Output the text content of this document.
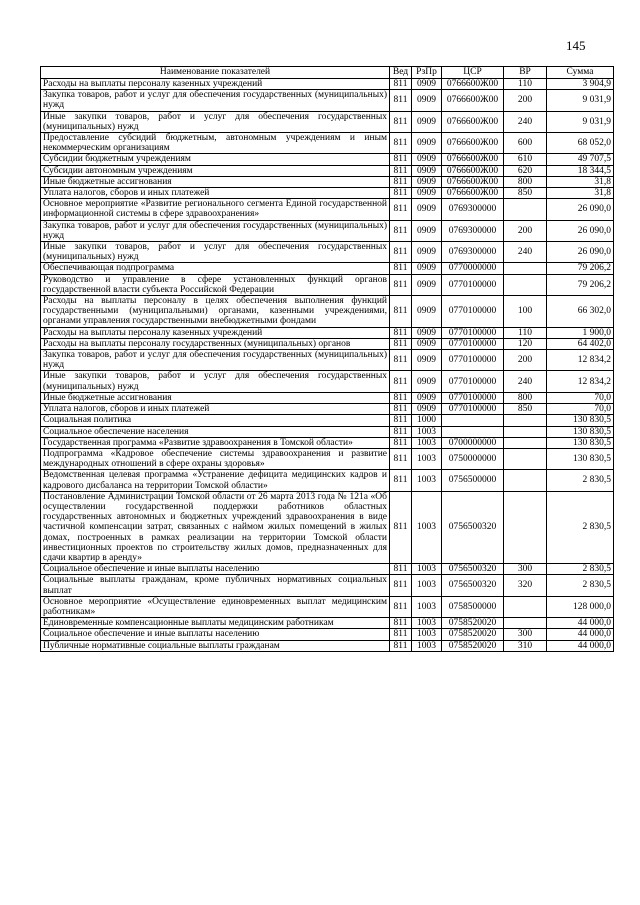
145
Наименование показателей	Вед	РзПр	ЦСР	ВР	Сумма
Расходы на выплаты персоналу казенных учреждений	811	0909	0766600Ж00	110	3 904,9
Закупка товаров, работ и услуг для обеспечения государственных (муниципальных) нужд	811	0909	0766600Ж00	200	9 031,9
Иные закупки товаров, работ и услуг для обеспечения государственных (муниципальных) нужд	811	0909	0766600Ж00	240	9 031,9
Предоставление субсидий бюджетным, автономным учреждениям и иным некоммерческим организациям	811	0909	0766600Ж00	600	68 052,0
Субсидии бюджетным учреждениям	811	0909	0766600Ж00	610	49 707,5
Субсидии автономным учреждениям	811	0909	0766600Ж00	620	18 344,5
Иные бюджетные ассигнования	811	0909	0766600Ж00	800	31,8
Уплата налогов, сборов и иных платежей	811	0909	0766600Ж00	850	31,8
Основное мероприятие «Развитие регионального сегмента Единой государственной информационной системы в сфере здравоохранения»	811	0909	0769300000		26 090,0
Закупка товаров, работ и услуг для обеспечения государственных (муниципальных) нужд	811	0909	0769300000	200	26 090,0
Иные закупки товаров, работ и услуг для обеспечения государственных (муниципальных) нужд	811	0909	0769300000	240	26 090,0
Обеспечивающая подпрограмма	811	0909	0770000000		79 206,2
Руководство и управление в сфере установленных функций органов государственной власти субъекта Российской Федерации	811	0909	0770100000		79 206,2
Расходы на выплаты персоналу в целях обеспечения выполнения функций государственными (муниципальными) органами, казенными учреждениями, органами управления государственными внебюджетными фондами	811	0909	0770100000	100	66 302,0
Расходы на выплаты персоналу казенных учреждений	811	0909	0770100000	110	1 900,0
Расходы на выплаты персоналу государственных (муниципальных) органов	811	0909	0770100000	120	64 402,0
Закупка товаров, работ и услуг для обеспечения государственных (муниципальных) нужд	811	0909	0770100000	200	12 834,2
Иные закупки товаров, работ и услуг для обеспечения государственных (муниципальных) нужд	811	0909	0770100000	240	12 834,2
Иные бюджетные ассигнования	811	0909	0770100000	800	70,0
Уплата налогов, сборов и иных платежей	811	0909	0770100000	850	70,0
Социальная политика	811	1000			130 830,5
Социальное обеспечение населения	811	1003			130 830,5
Государственная программа «Развитие здравоохранения в Томской области»	811	1003	0700000000		130 830,5
Подпрограмма «Кадровое обеспечение системы здравоохранения и развитие международных отношений в сфере охраны здоровья»	811	1003	0750000000		130 830,5
Ведомственная целевая программа «Устранение дефицита медицинских кадров и кадрового дисбаланса на территории Томской области»	811	1003	0756500000		2 830,5
Постановление Администрации Томской области от 26 марта 2013 года № 121а «Об осуществлении государственной поддержки работников областных государственных автономных и бюджетных учреждений здравоохранения в виде частичной компенсации затрат, связанных с наймом жилых помещений в жилых домах, построенных в рамках реализации на территории Томской области инвестиционных проектов по строительству жилых домов, предназначенных для сдачи квартир в аренду»	811	1003	0756500320		2 830,5
Социальное обеспечение и иные выплаты населению	811	1003	0756500320	300	2 830,5
Социальные выплаты гражданам, кроме публичных нормативных социальных выплат	811	1003	0756500320	320	2 830,5
Основное мероприятие «Осуществление единовременных выплат медицинским работникам»	811	1003	0758500000		128 000,0
Единовременные компенсационные выплаты медицинским работникам	811	1003	0758520020		44 000,0
Социальное обеспечение и иные выплаты населению	811	1003	0758520020	300	44 000,0
Публичные нормативные социальные выплаты гражданам	811	1003	0758520020	310	44 000,0
